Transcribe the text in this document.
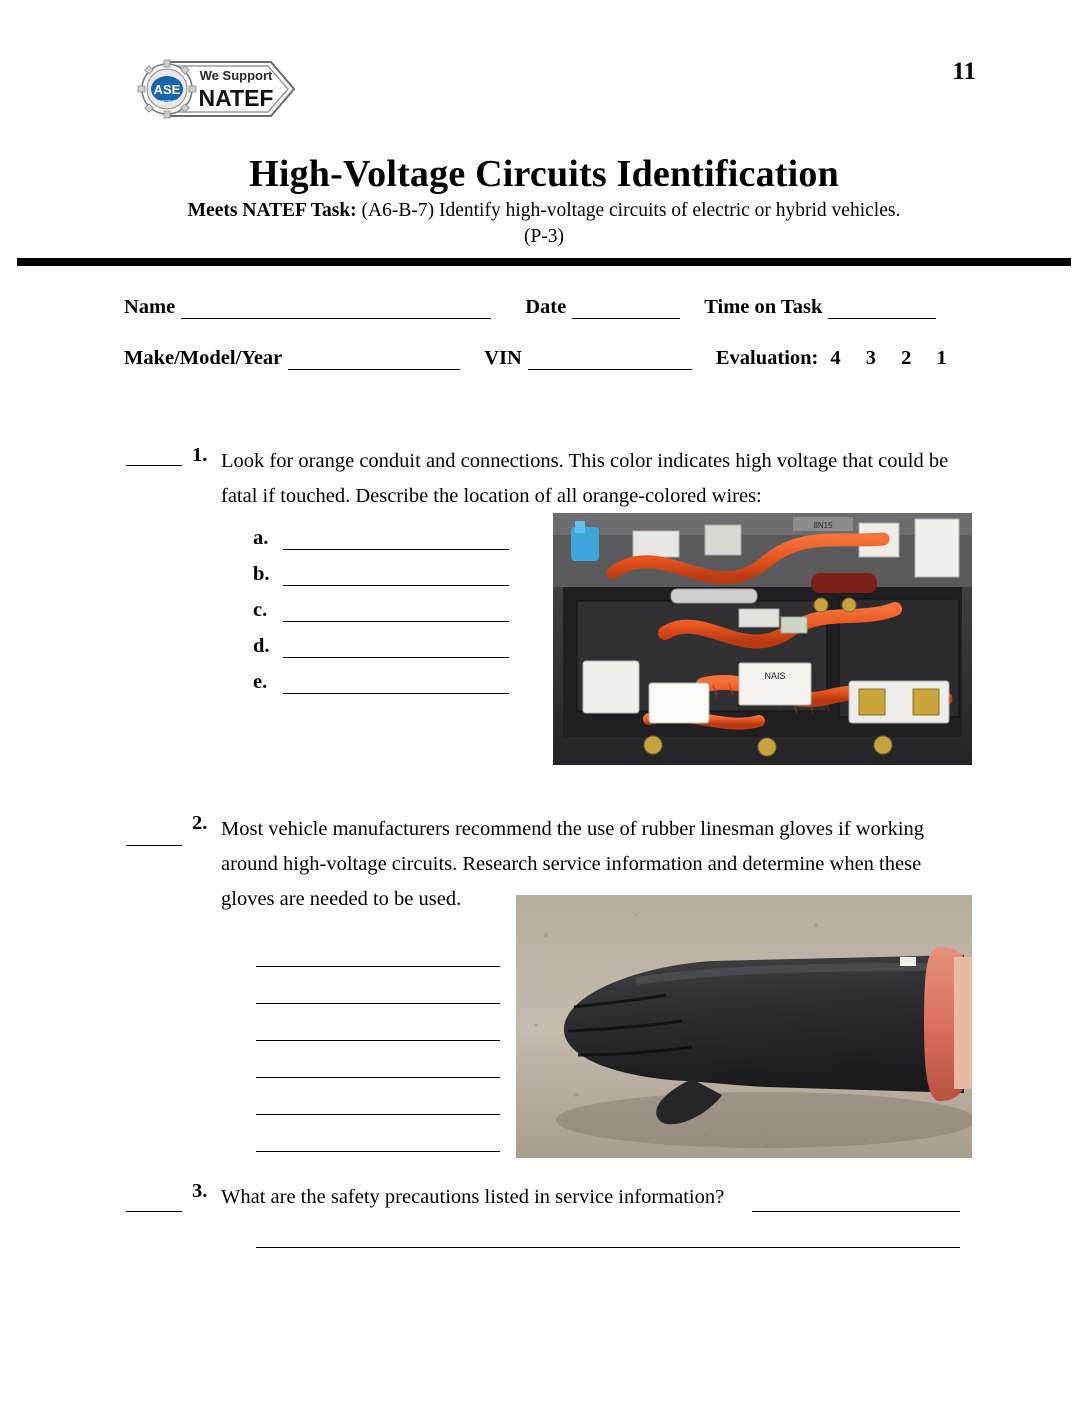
11
ASE
CERTIFIED
We Support
NATEF
High-Voltage Circuits Identification
Meets NATEF Task: (A6-B-7) Identify high-voltage circuits of electric or hybrid vehicles.
(P-3)
Name	Date	Time on Task
Make/Model/Year	VIN	Evaluation: 4 3 2 1
1. Look for orange conduit and connections. This color indicates high voltage that could be fatal if touched. Describe the location of all orange-colored wires:
a.
b.
c.
d.
e.
8N15
NAIS
2. Most vehicle manufacturers recommend the use of rubber linesman gloves if working around high-voltage circuits. Research service information and determine when these gloves are needed to be used.
3. What are the safety precautions listed in service information?
